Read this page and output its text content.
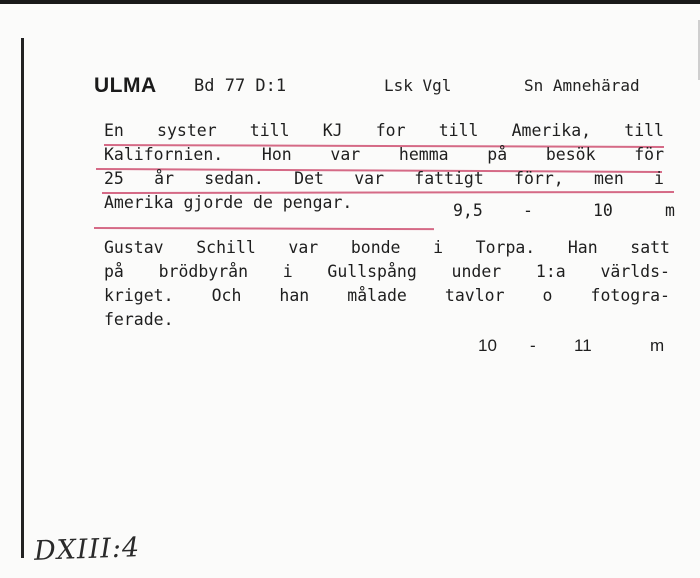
ULMA Bd 77 D:1	Lsk Vgl	Sn Amnehärad
En syster till KJ for till Amerika, till
Kalifornien. Hon var hemma på besök för
25 år sedan. Det var fattigt förr, men i
Amerika gjorde de pengar.	9,5 -	10	m
Gustav Schill var bonde i Torpa. Han satt
på brödbyrån i Gullspång under 1:a världs-
kriget. Och han målade tavlor o fotogra-
ferade.
10 - 11	m
DXIII:4
